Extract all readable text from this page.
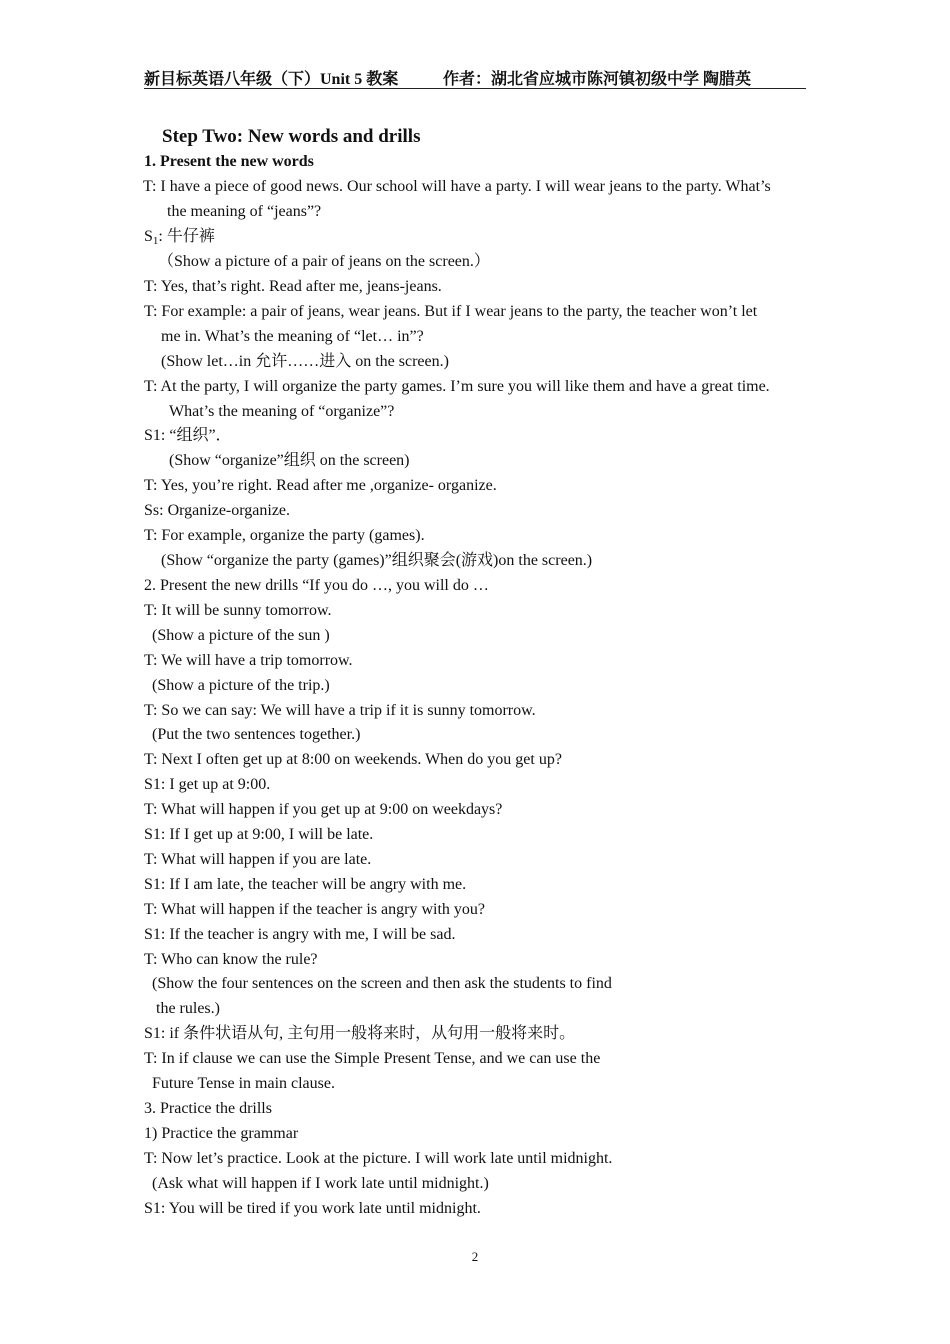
新目标英语八年级（下）Unit 5 教案	作者：湖北省应城市陈河镇初级中学 陶腊英
Step Two: New words and drills
1. Present the new words
T: I have a piece of good news. Our school will have a party. I will wear jeans to the party. What’s
the meaning of “jeans”?
$S_1$: 牛仔裤
（Show a picture of a pair of jeans on the screen.）
T: Yes, that’s right. Read after me, jeans-jeans.
T: For example: a pair of jeans, wear jeans. But if I wear jeans to the party, the teacher won’t let
me in. What’s the meaning of “let… in”?
(Show let…in 允许……进入 on the screen.)
T: At the party, I will organize the party games. I’m sure you will like them and have a great time.
What’s the meaning of “organize”?
S1: “组织”．
(Show “organize”组织 on the screen)
T: Yes, you’re right. Read after me ,organize- organize.
Ss: Organize-organize.
T: For example, organize the party (games).
(Show “organize the party (games)”组织聚会(游戏)on the screen.)
2. Present the new drills “If you do …, you will do …
T: It will be sunny tomorrow.
(Show a picture of the sun )
T: We will have a trip tomorrow.
(Show a picture of the trip.)
T: So we can say: We will have a trip if it is sunny tomorrow.
(Put the two sentences together.)
T: Next I often get up at 8:00 on weekends. When do you get up?
S1: I get up at 9:00.
T: What will happen if you get up at 9:00 on weekdays?
S1: If I get up at 9:00, I will be late.
T: What will happen if you are late.
S1: If I am late, the teacher will be angry with me.
T: What will happen if the teacher is angry with you?
S1: If the teacher is angry with me, I will be sad.
T: Who can know the rule?
(Show the four sentences on the screen and then ask the students to find
the rules.)
S1: if 条件状语从句, 主句用一般将来时，从句用一般将来时。
T: In if clause we can use the Simple Present Tense, and we can use the
Future Tense in main clause.
3. Practice the drills
1) Practice the grammar
T: Now let’s practice. Look at the picture. I will work late until midnight.
(Ask what will happen if I work late until midnight.)
S1: You will be tired if you work late until midnight.
2
